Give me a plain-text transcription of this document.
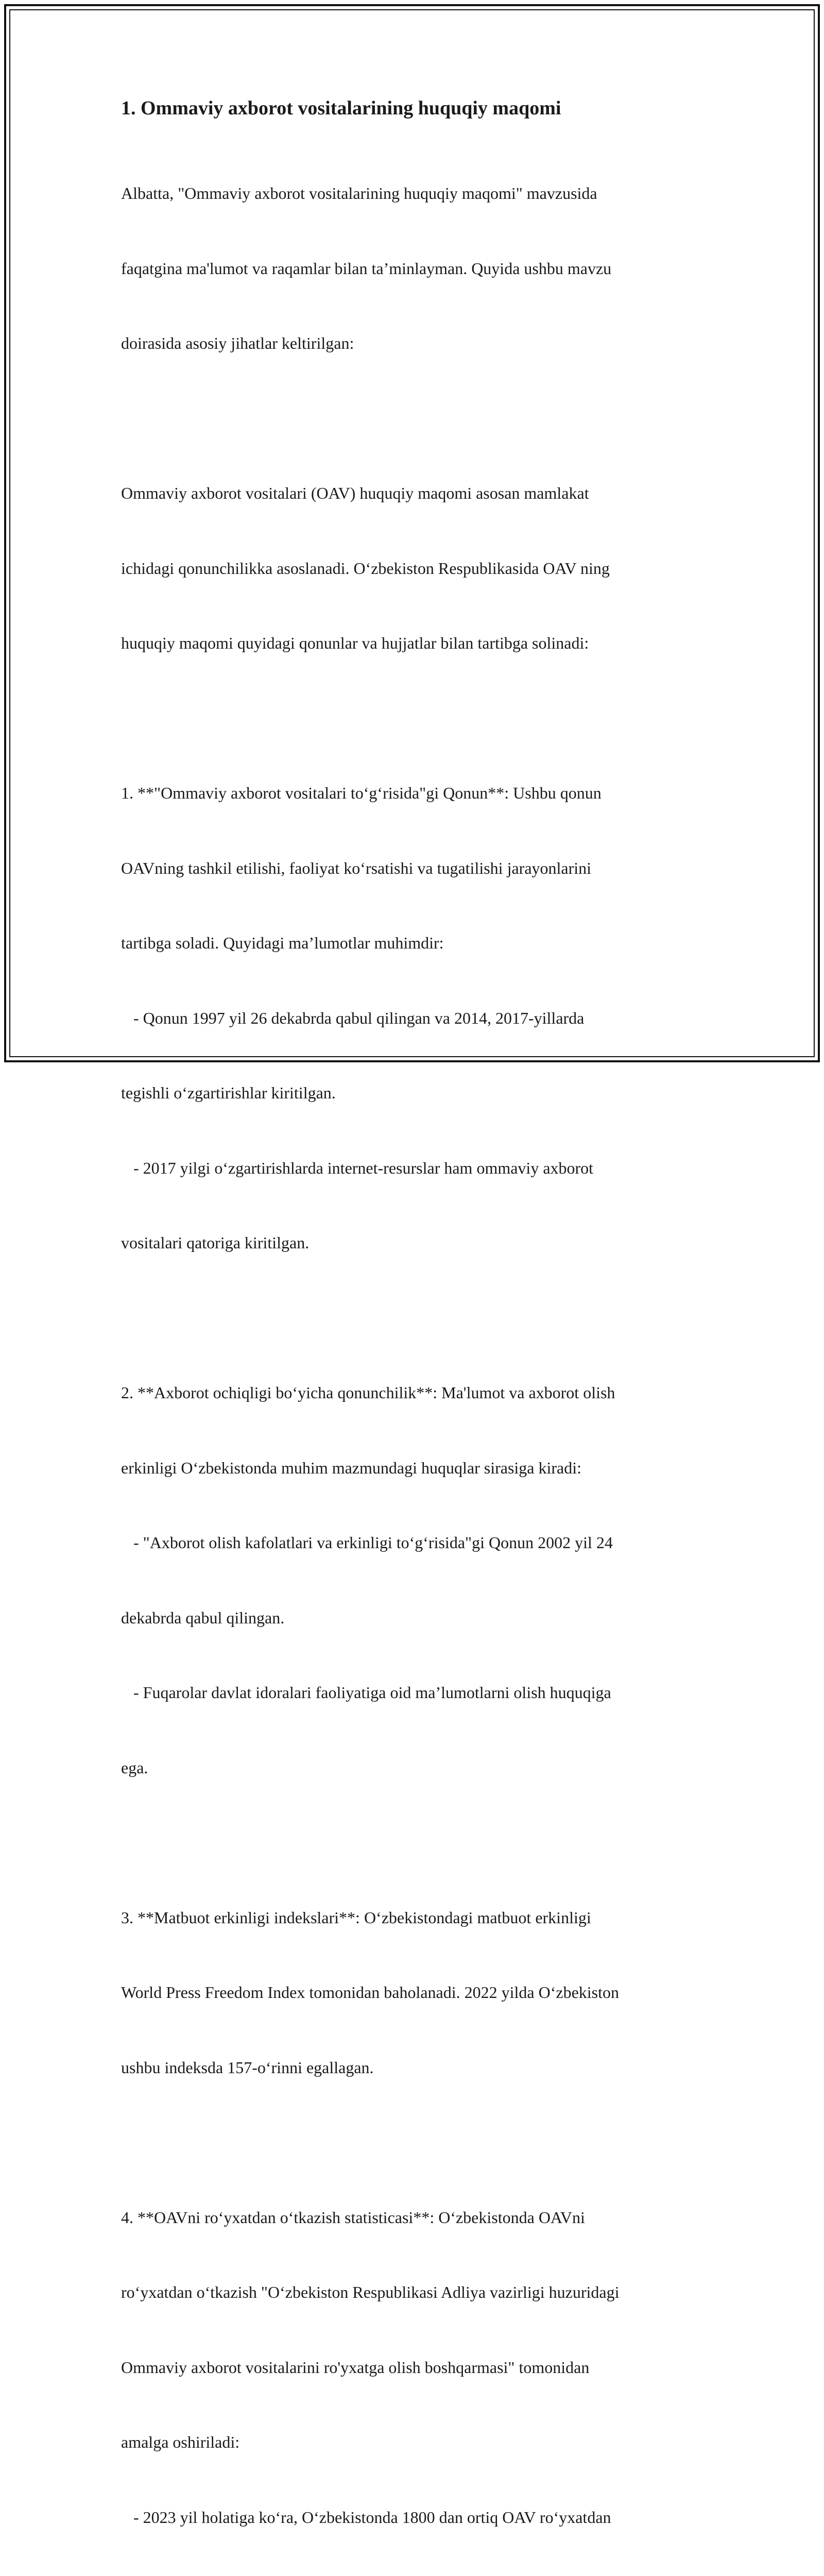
1. Ommaviy axborot vositalarining huquqiy maqomi

Albatta, "Ommaviy axborot vositalarining huquqiy maqomi" mavzusida

faqatgina ma'lumot va raqamlar bilan ta’minlayman. Quyida ushbu mavzu

doirasida asosiy jihatlar keltirilgan:

Ommaviy axborot vositalari (OAV) huquqiy maqomi asosan mamlakat

ichidagi qonunchilikka asoslanadi. O‘zbekiston Respublikasida OAV ning

huquqiy maqomi quyidagi qonunlar va hujjatlar bilan tartibga solinadi:

1. **"Ommaviy axborot vositalari to‘g‘risida"gi Qonun**: Ushbu qonun

OAVning tashkil etilishi, faoliyat ko‘rsatishi va tugatilishi jarayonlarini

tartibga soladi. Quyidagi ma’lumotlar muhimdir:

- Qonun 1997 yil 26 dekabrda qabul qilingan va 2014, 2017-yillarda

tegishli o‘zgartirishlar kiritilgan.

- 2017 yilgi o‘zgartirishlarda internet-resurslar ham ommaviy axborot

vositalari qatoriga kiritilgan.

2. **Axborot ochiqligi bo‘yicha qonunchilik**: Ma'lumot va axborot olish

erkinligi O‘zbekistonda muhim mazmundagi huquqlar sirasiga kiradi:

- "Axborot olish kafolatlari va erkinligi to‘g‘risida"gi Qonun 2002 yil 24

dekabrda qabul qilingan.

- Fuqarolar davlat idoralari faoliyatiga oid ma’lumotlarni olish huquqiga

ega.

3. **Matbuot erkinligi indekslari**: O‘zbekistondagi matbuot erkinligi

World Press Freedom Index tomonidan baholanadi. 2022 yilda O‘zbekiston

ushbu indeksda 157-o‘rinni egallagan.

4. **OAVni ro‘yxatdan o‘tkazish statisticasi**: O‘zbekistonda OAVni

ro‘yxatdan o‘tkazish "O‘zbekiston Respublikasi Adliya vazirligi huzuridagi

Ommaviy axborot vositalarini ro'yxatga olish boshqarmasi" tomonidan

amalga oshiriladi:

- 2023 yil holatiga ko‘ra, O‘zbekistonda 1800 dan ortiq OAV ro‘yxatdan
